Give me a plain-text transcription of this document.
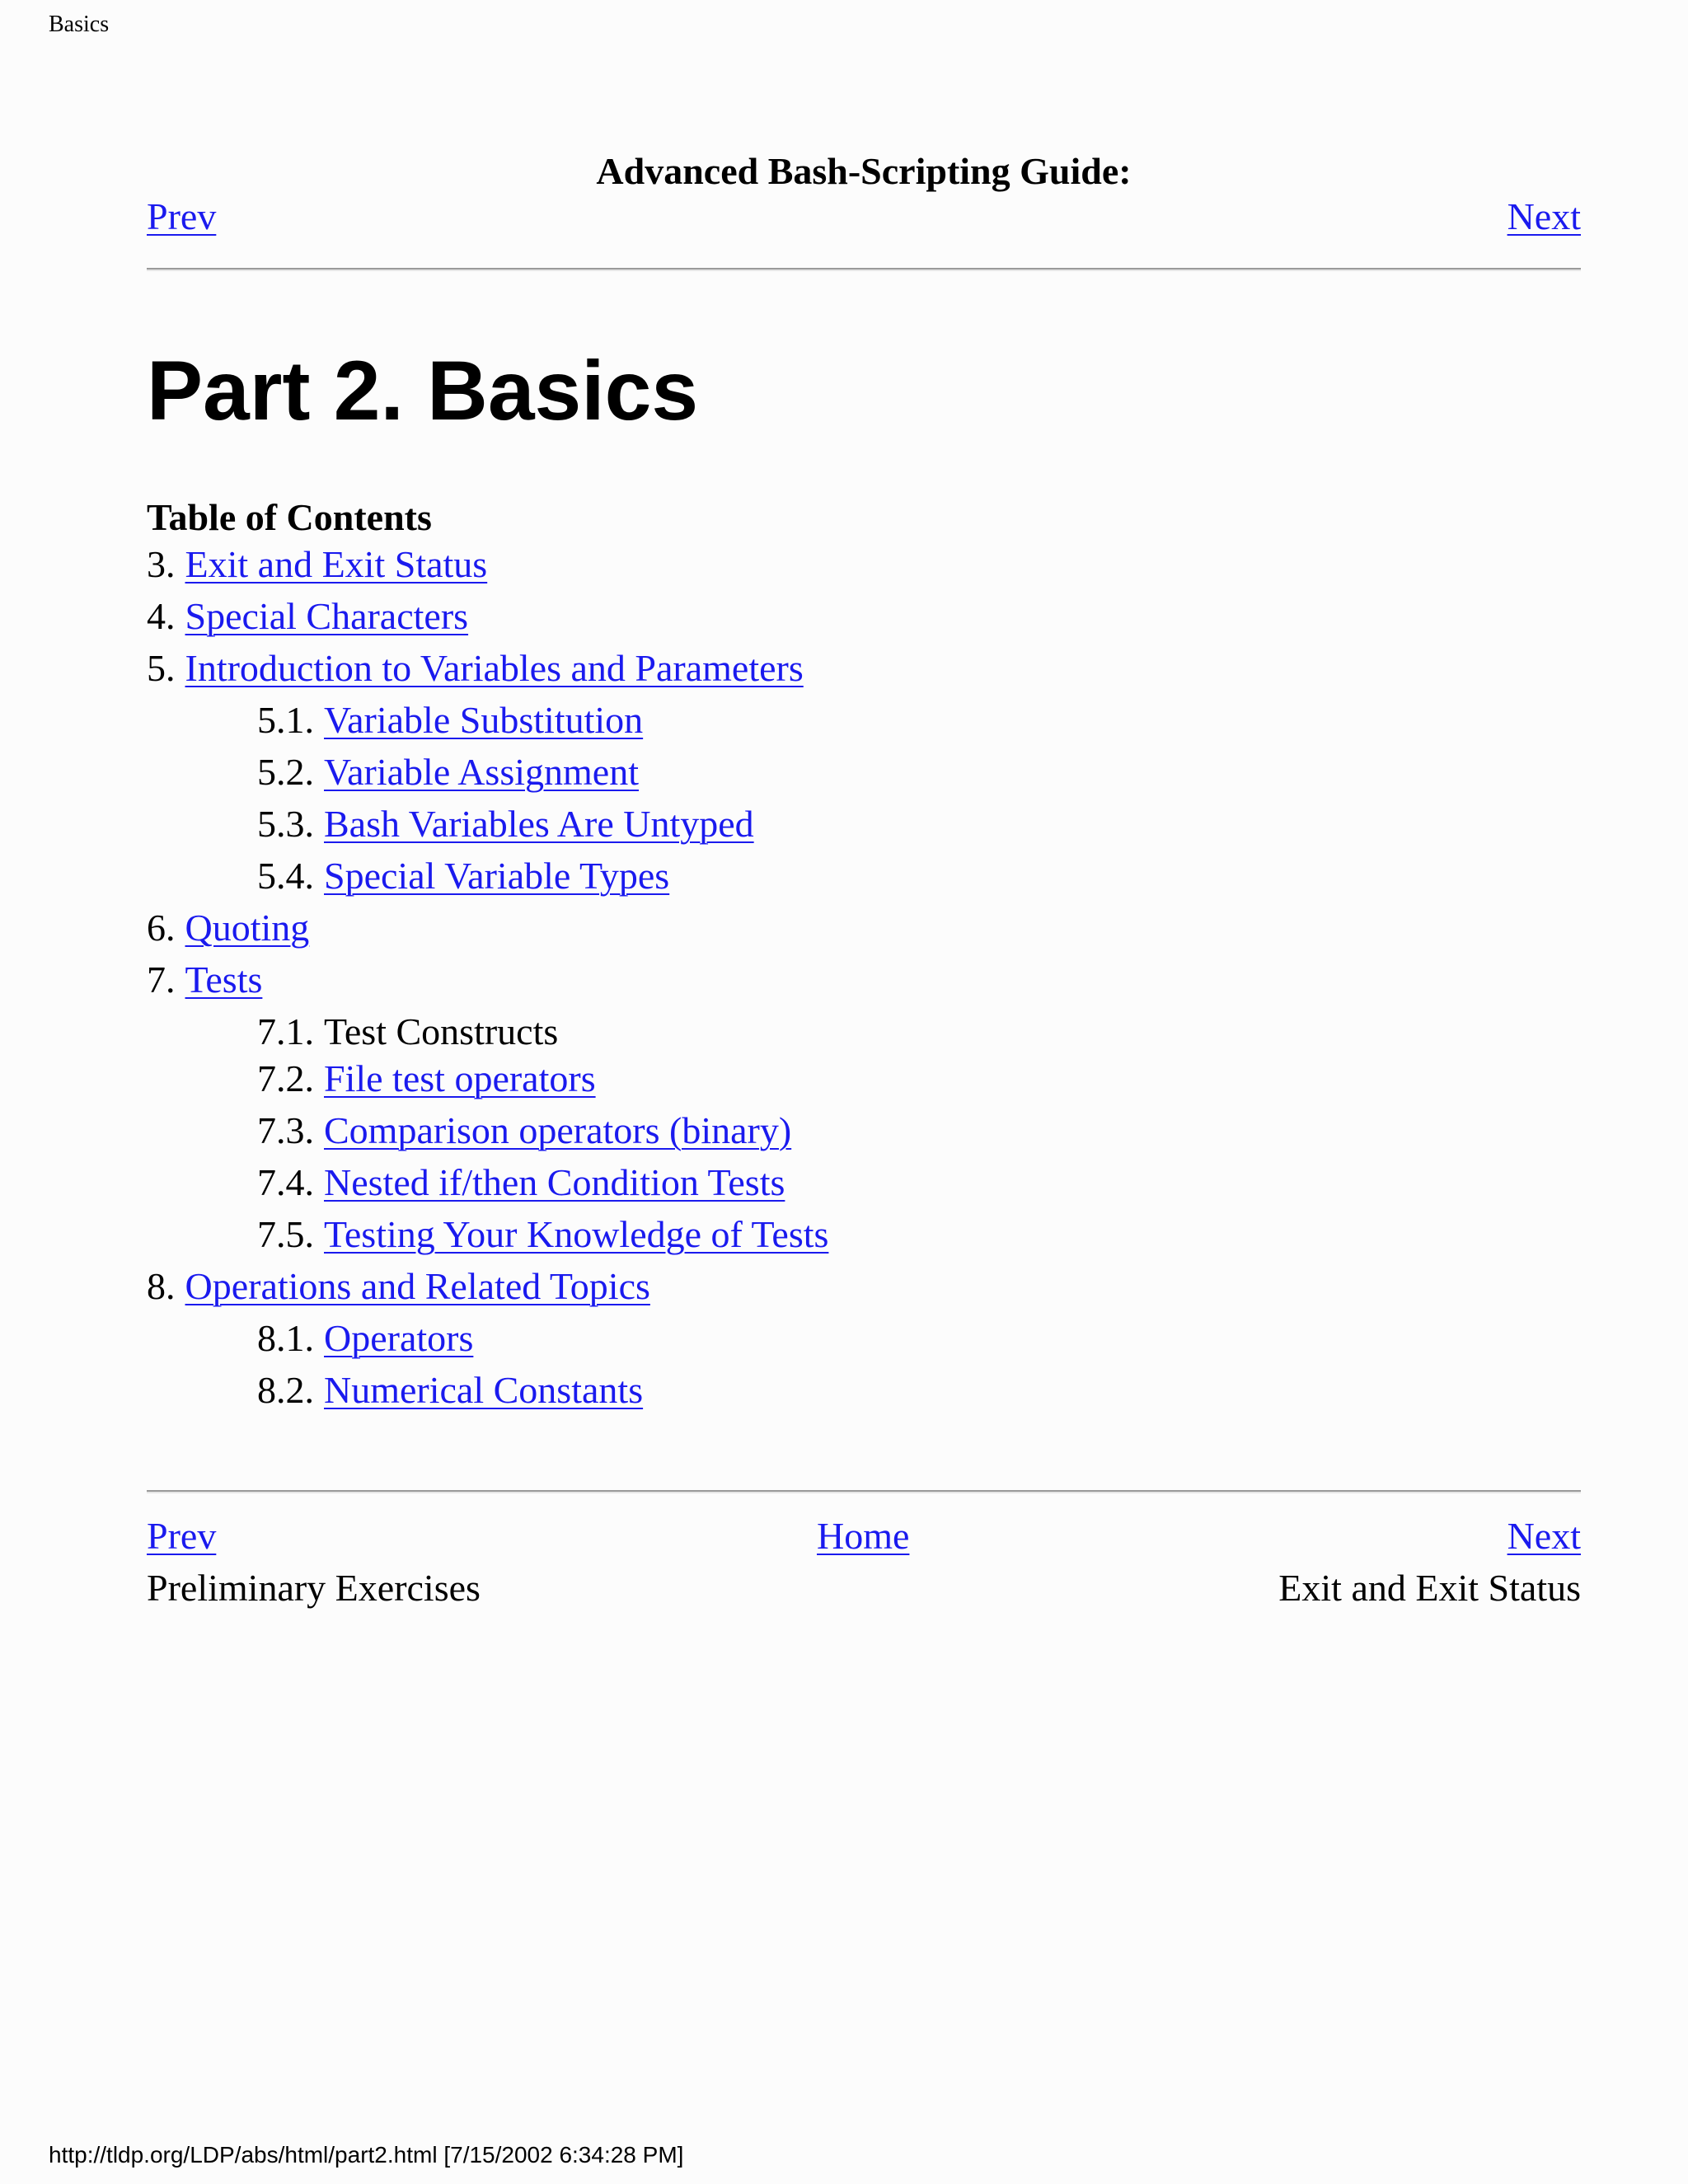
Basics
Advanced Bash-Scripting Guide:
Prev	Next
Part 2. Basics
Table of Contents
3. Exit and Exit Status
4. Special Characters
5. Introduction to Variables and Parameters
5.1. Variable Substitution
5.2. Variable Assignment
5.3. Bash Variables Are Untyped
5.4. Special Variable Types
6. Quoting
7. Tests
7.1. Test Constructs
7.2. File test operators
7.3. Comparison operators (binary)
7.4. Nested if/then Condition Tests
7.5. Testing Your Knowledge of Tests
8. Operations and Related Topics
8.1. Operators
8.2. Numerical Constants
Prev	Home	Next
Preliminary Exercises	Exit and Exit Status
http://tldp.org/LDP/abs/html/part2.html [7/15/2002 6:34:28 PM]
